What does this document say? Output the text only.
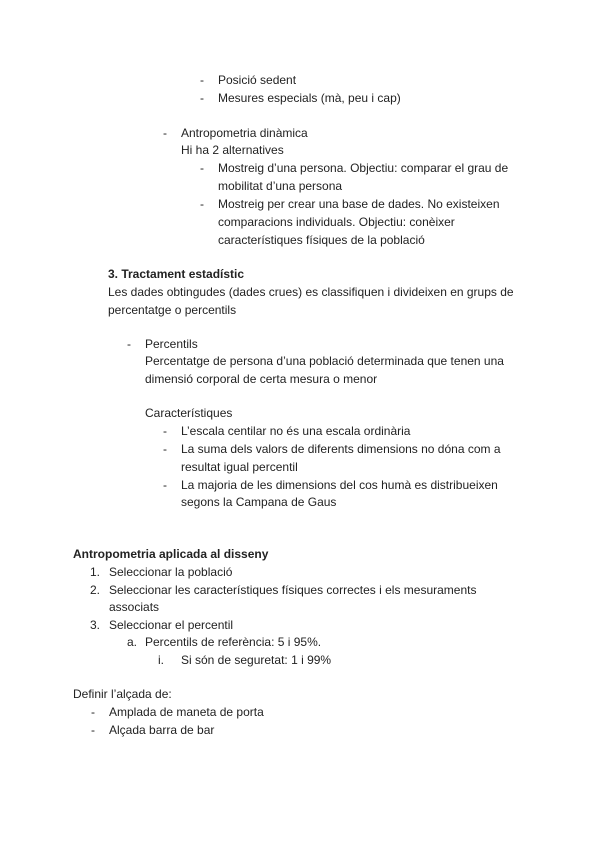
- Posició sedent
- Mesures especials (mà, peu i cap)
- Antropometria dinàmica
Hi ha 2 alternatives
- Mostreig d’una persona. Objectiu: comparar el grau de
mobilitat d’una persona
- Mostreig per crear una base de dades. No existeixen
comparacions individuals. Objectiu: conèixer
característiques físiques de la població
3. Tractament estadístic
Les dades obtingudes (dades crues) es classifiquen i divideixen en grups de
percentatge o percentils
- Percentils
Percentatge de persona d’una població determinada que tenen una
dimensió corporal de certa mesura o menor
Característiques
- L’escala centilar no és una escala ordinària
- La suma dels valors de diferents dimensions no dóna com a
resultat igual percentil
- La majoria de les dimensions del cos humà es distribueixen
segons la Campana de Gaus
Antropometria aplicada al disseny
1. Seleccionar la població
2. Seleccionar les característiques físiques correctes i els mesuraments
associats
3. Seleccionar el percentil
a. Percentils de referència: 5 i 95%.
i. Si són de seguretat: 1 i 99%
Definir l’alçada de:
- Amplada de maneta de porta
- Alçada barra de bar
